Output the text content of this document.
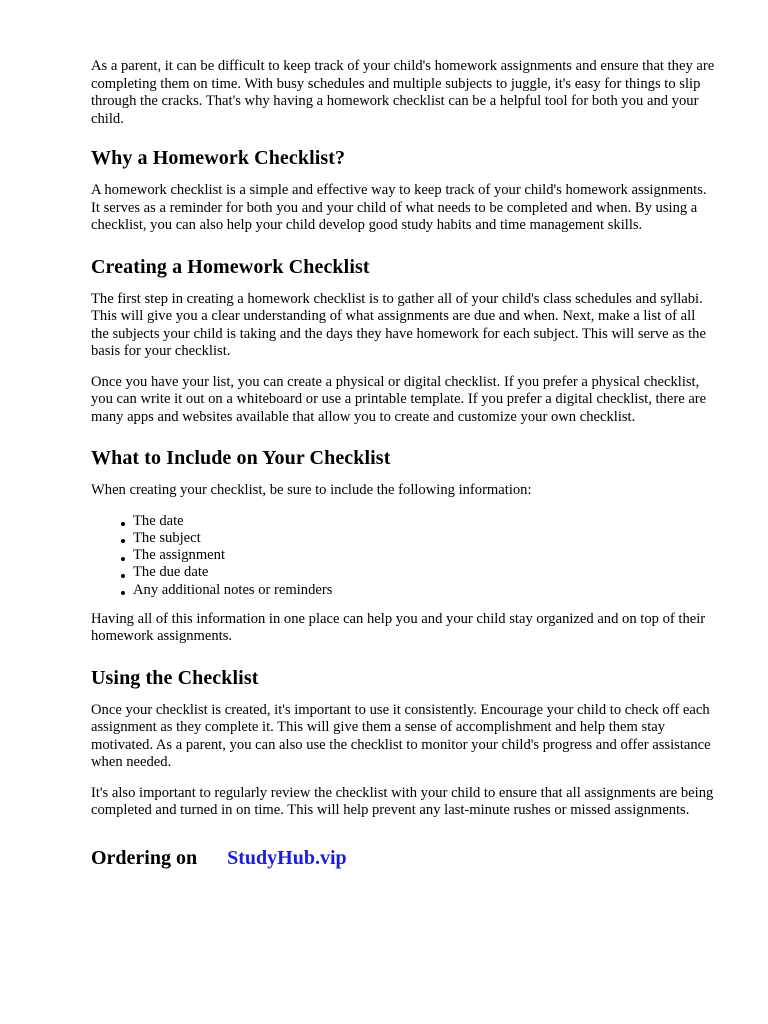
As a parent, it can be difficult to keep track of your child's homework assignments and ensure that they are completing them on time. With busy schedules and multiple subjects to juggle, it's easy for things to slip through the cracks. That's why having a homework checklist can be a helpful tool for both you and your child.

Why a Homework Checklist?

A homework checklist is a simple and effective way to keep track of your child's homework assignments. It serves as a reminder for both you and your child of what needs to be completed and when. By using a checklist, you can also help your child develop good study habits and time management skills.

Creating a Homework Checklist

The first step in creating a homework checklist is to gather all of your child's class schedules and syllabi. This will give you a clear understanding of what assignments are due and when. Next, make a list of all the subjects your child is taking and the days they have homework for each subject. This will serve as the basis for your checklist.

Once you have your list, you can create a physical or digital checklist. If you prefer a physical checklist, you can write it out on a whiteboard or use a printable template. If you prefer a digital checklist, there are many apps and websites available that allow you to create and customize your own checklist.

What to Include on Your Checklist

When creating your checklist, be sure to include the following information:

The date
The subject
The assignment
The due date
Any additional notes or reminders

Having all of this information in one place can help you and your child stay organized and on top of their homework assignments.

Using the Checklist

Once your checklist is created, it's important to use it consistently. Encourage your child to check off each assignment as they complete it. This will give them a sense of accomplishment and help them stay motivated. As a parent, you can also use the checklist to monitor your child's progress and offer assistance when needed.

It's also important to regularly review the checklist with your child to ensure that all assignments are being completed and turned in on time. This will help prevent any last-minute rushes or missed assignments.

Ordering on StudyHub.vip
